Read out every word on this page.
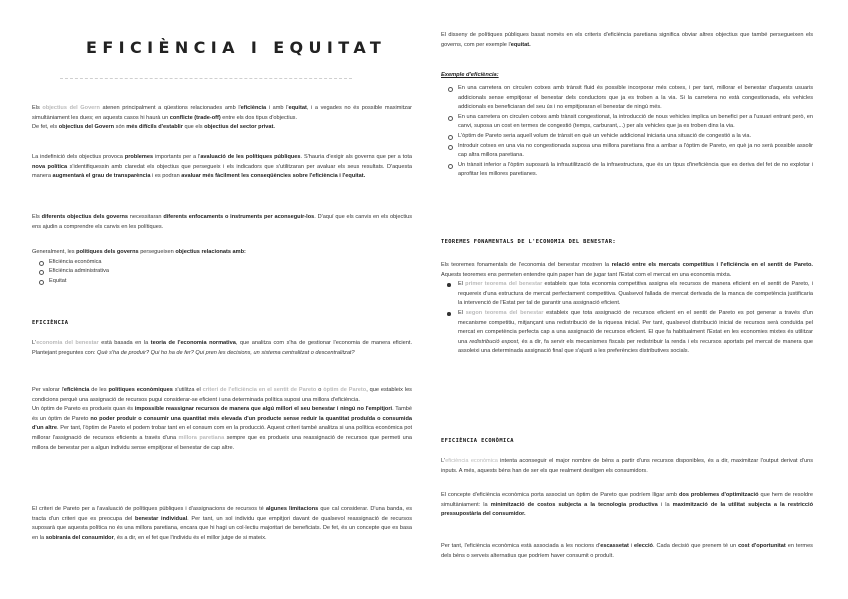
EFICIÈNCIA I EQUITAT

Els objectius del Govern atenen principalment a qüestions relacionades amb l'eficiència i amb l'equitat, i a vegades no és possible maximitzar simultàniament les dues; en aquests casos hi haurà un conflicte (trade-off) entre els dos tipus d'objectius.

De fet, els objectius del Govern són més difícils d'establir que els objectius del sector privat.

La indefinició dels objectius provoca problemes importants per a l'avaluació de les polítiques públiques. S'hauria d'exigir als governs que per a tota nova política s'identifiquessin amb claredat els objectius que persegueix i els indicadors que s'utilitzaran per avaluar els seus resultats. D'aquesta manera augmentarà el grau de transparència i es podran avaluar més fàcilment les conseqüències sobre l'eficiència i l'equitat.

Els diferents objectius dels governs necessitaran diferents enfocaments o instruments per aconseguir-los. D'aquí que els canvis en els objectius ens ajudin a comprendre els canvis en les polítiques.

Generalment, les polítiques dels governs persegueixen objectius relacionats amb:

Eficiència econòmica
Eficiència administrativa
Equitat
EFICIÈNCIA

L'economia del benestar està basada en la teoria de l'economia normativa, que analitza com s'ha de gestionar l'economia de manera eficient. Plantejant preguntes con: Què s'ha de produir? Qui ho ha de fer? Qui pren les decisions, un sistema centralitzat o descentralitzat?

Per valorar l'eficiència de les polítiques econòmiques s'utilitza el criteri de l'eficiència en el sentit de Pareto o òptim de Pareto, que estableix les condicions perquè una assignació de recursos pugui considerar-se eficient i una determinada política suposi una millora d'eficiència.

Un òptim de Pareto es produeix quan és impossible reassignar recursos de manera que algú millori el seu benestar i ningú no l'empitjori. També és un òptim de Pareto no poder produir o consumir una quantitat més elevada d'un producte sense reduir la quantitat produïda o consumida d'un altre. Per tant, l'òptim de Pareto el podem trobar tant en el consum com en la producció. Aquest criteri també analitza si una política econòmica pot millorar l'assignació de recursos eficients a través d'una millora paretiana sempre que es produeix una reassignació de recursos que permeti una millora de benestar per a algun individu sense empitjorar el benestar de cap altre.

El criteri de Pareto per a l'avaluació de polítiques públiques i d'assignacions de recursos té algunes limitacions que cal considerar. D'una banda, es tracta d'un criteri que es preocupa del benestar individual. Per tant, un sol individu que empitjori davant de qualsevol reassignació de recursos suposarà que aquesta política no és una millora paretiana, encara que hi hagi un col·lectiu majoritari de beneficiats. De fet, és un concepte que es basa en la sobirania del consumidor, és a dir, en el fet que l'individu és el millor jutge de si mateix.

El disseny de polítiques públiques basat només en els criteris d'eficiència paretiana significa obviar altres objectius que també persegueixen els governs, com per exemple l'equitat.

Exemple d'eficiència:
En una carretera on circulen cotxes amb trànsit fluid és possible incorporar més cotxes, i per tant, millorar el benestar d'aquests usuaris addicionals sense empitjorar el benestar dels conductors que ja es troben a la via. Si la carretera no està congestionada, els vehicles addicionals es beneficiaran del seu ús i no empitjoraran el benestar de ningú més.
En una carretera on circulen cotxes amb trànsit congestionat, la introducció de nous vehicles implica un benefici per a l'usuari entrant però, en canvi, suposa un cost en termes de congestió (temps, carburant,...) per als vehicles que ja es troben dins la via.
L'òptim de Pareto seria aquell volum de trànsit en què un vehicle addicional iniciaria una situació de congestió a la via.
Introduir cotxes en una via no congestionada suposa una millora paretiana fins a arribar a l'òptim de Pareto, en què ja no serà possible assolir cap altra millora paretiana.
Un trànsit inferior a l'òptim suposarà la infrautilització de la infraestructura, que és un tipus d'ineficiència que es deriva del fet de no explotar i aprofitar les millores paretianes.
TEOREMES FONAMENTALS DE L'ECONOMIA DEL BENESTAR:

Els teoremes fonamentals de l'economia del benestar mostren la relació entre els mercats competitius i l'eficiència en el sentit de Pareto. Aquests teoremes ens permeten entendre quin paper han de jugar tant l'Estat com el mercat en una economia mixta.

El primer teorema del benestar estableix que tota economia competitiva assigna els recursos de manera eficient en el sentit de Pareto, i requereix d'una estructura de mercat perfectament competitiva. Qualsevol fallada de mercat derivada de la manca de competència justificaria la intervenció de l'Estat per tal de garantir una assignació eficient.
El segon teorema del benestar estableix que tota assignació de recursos eficient en el sentit de Pareto es pot generar a través d'un mecanisme competitiu, mitjançant una redistribució de la riquesa inicial. Per tant, qualsevol distribució inicial de recursos serà conduïda pel mercat en competència perfecta cap a una assignació de recursos eficient. El que fa habitualment l'Estat en les economies mixtes és utilitzar una redistribució expost, és a dir, fa servir els mecanismes fiscals per redistribuir la renda i els recursos aportats pel mercat de manera que assoleixi una determinada assignació final que s'ajusti a les preferències distributives socials.
EFICIÈNCIA ECONÒMICA

L'eficiència econòmica intenta aconseguir el major nombre de béns a partir d'uns recursos disponibles, és a dir, maximitzar l'output derivat d'uns inputs. A més, aquests béns han de ser els que realment desitgen els consumidors.

El concepte d'eficiència econòmica porta associat un òptim de Pareto que podríem lligar amb dos problemes d'optimització que hem de resoldre simultàniament: la minimització de costos subjecta a la tecnologia productiva i la maximització de la utilitat subjecta a la restricció pressupostària del consumidor.

Per tant, l'eficiència econòmica està associada a les nocions d'escassetat i elecció. Cada decisió que prenem té un cost d'oportunitat en termes dels béns o serveis alternatius que podríem haver consumit o produït.
